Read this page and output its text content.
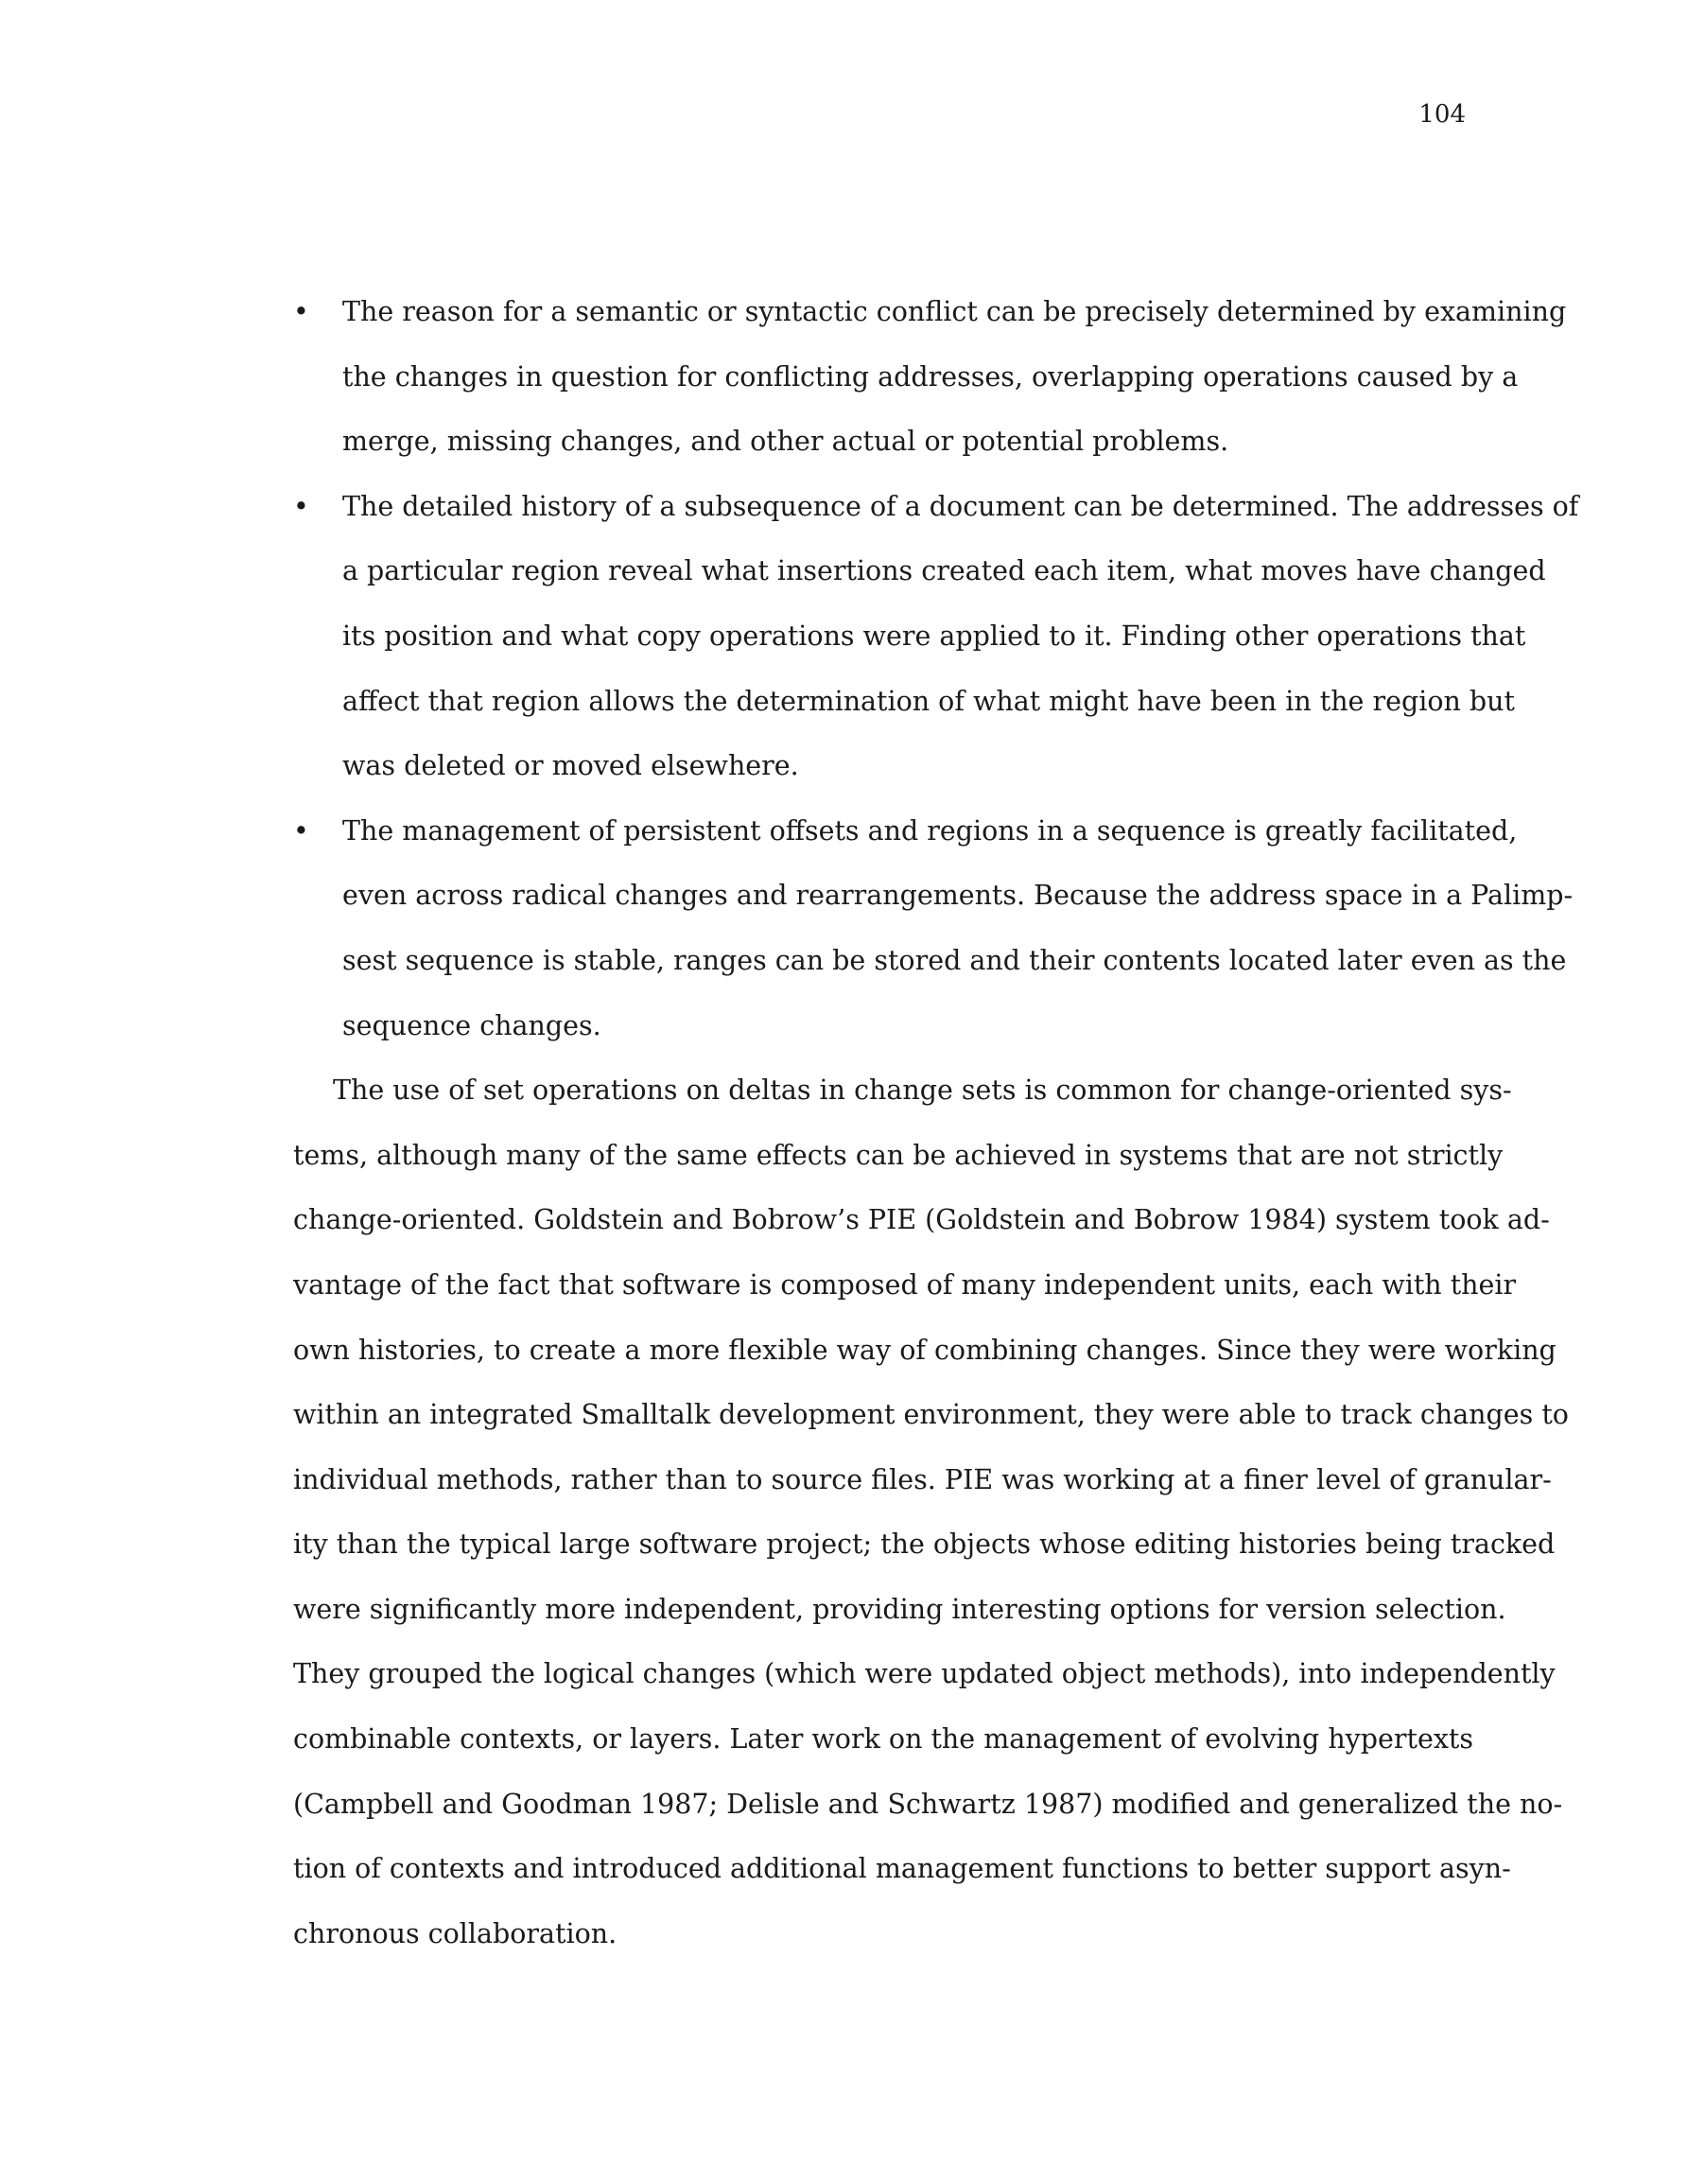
104
• The reason for a semantic or syntactic conflict can be precisely determined by examining
the changes in question for conflicting addresses, overlapping operations caused by a
merge, missing changes, and other actual or potential problems.
• The detailed history of a subsequence of a document can be determined. The addresses of
a particular region reveal what insertions created each item, what moves have changed
its position and what copy operations were applied to it. Finding other operations that
affect that region allows the determination of what might have been in the region but
was deleted or moved elsewhere.
• The management of persistent offsets and regions in a sequence is greatly facilitated,
even across radical changes and rearrangements. Because the address space in a Palimp-
sest sequence is stable, ranges can be stored and their contents located later even as the
sequence changes.

The use of set operations on deltas in change sets is common for change-oriented sys-
tems, although many of the same effects can be achieved in systems that are not strictly
change-oriented. Goldstein and Bobrow’s PIE (Goldstein and Bobrow 1984) system took ad-
vantage of the fact that software is composed of many independent units, each with their
own histories, to create a more flexible way of combining changes. Since they were working
within an integrated Smalltalk development environment, they were able to track changes to
individual methods, rather than to source files. PIE was working at a finer level of granular-
ity than the typical large software project; the objects whose editing histories being tracked
were significantly more independent, providing interesting options for version selection.
They grouped the logical changes (which were updated object methods), into independently
combinable contexts, or layers. Later work on the management of evolving hypertexts
(Campbell and Goodman 1987; Delisle and Schwartz 1987) modified and generalized the no-
tion of contexts and introduced additional management functions to better support asyn-
chronous collaboration.
